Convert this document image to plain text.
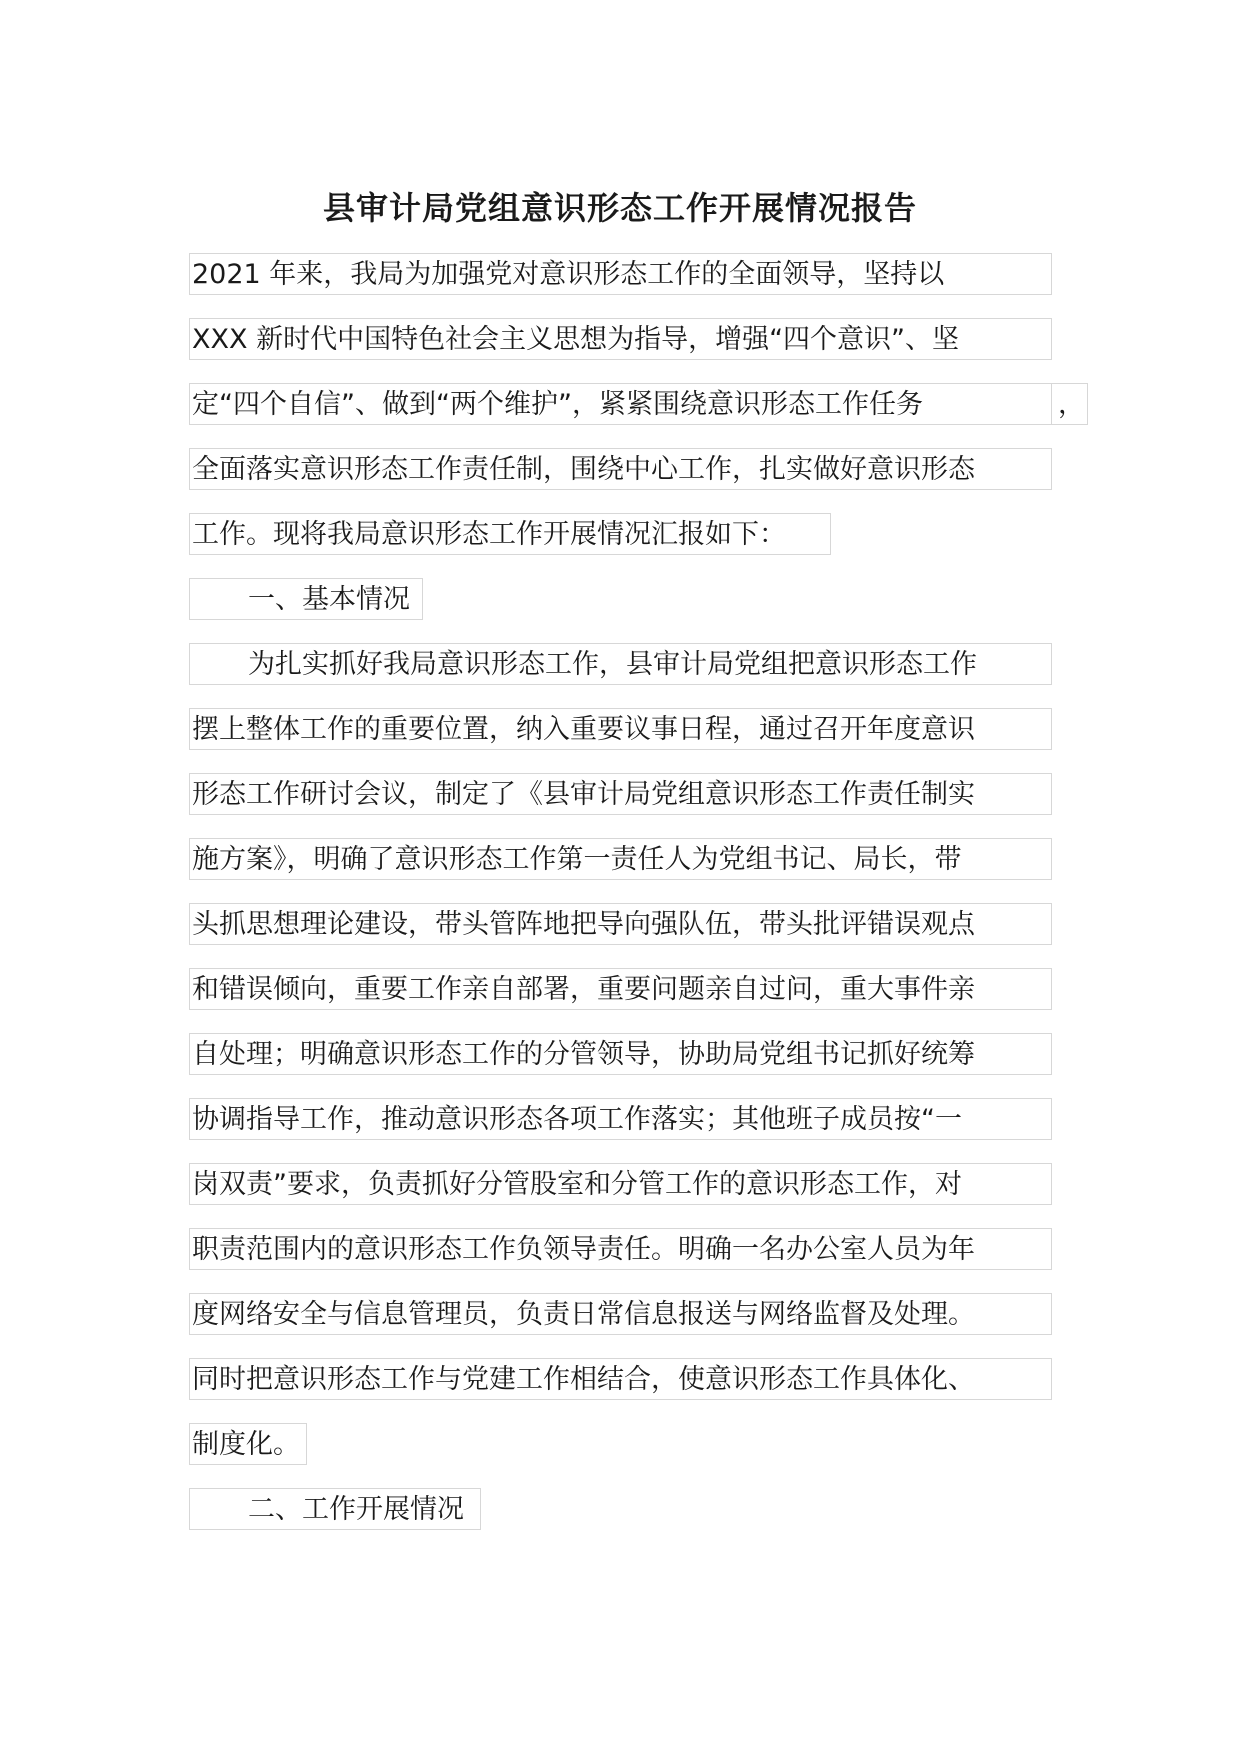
县审计局党组意识形态工作开展情况报告
2021 年来，我局为加强党对意识形态工作的全面领导，坚持以
XXX 新时代中国特色社会主义思想为指导，增强“四个意识”、坚
定“四个自信”、做到“两个维护”，紧紧围绕意识形态工作任务	，
全面落实意识形态工作责任制，围绕中心工作，扎实做好意识形态
工作。现将我局意识形态工作开展情况汇报如下：
一、基本情况
为扎实抓好我局意识形态工作，县审计局党组把意识形态工作
摆上整体工作的重要位置，纳入重要议事日程，通过召开年度意识
形态工作研讨会议，制定了《县审计局党组意识形态工作责任制实
施方案》，明确了意识形态工作第一责任人为党组书记、局长，带
头抓思想理论建设，带头管阵地把导向强队伍，带头批评错误观点
和错误倾向，重要工作亲自部署，重要问题亲自过问，重大事件亲
自处理；明确意识形态工作的分管领导，协助局党组书记抓好统筹
协调指导工作，推动意识形态各项工作落实；其他班子成员按“一
岗双责”要求，负责抓好分管股室和分管工作的意识形态工作，对
职责范围内的意识形态工作负领导责任。明确一名办公室人员为年
度网络安全与信息管理员，负责日常信息报送与网络监督及处理。
同时把意识形态工作与党建工作相结合，使意识形态工作具体化、
制度化。
二、工作开展情况
